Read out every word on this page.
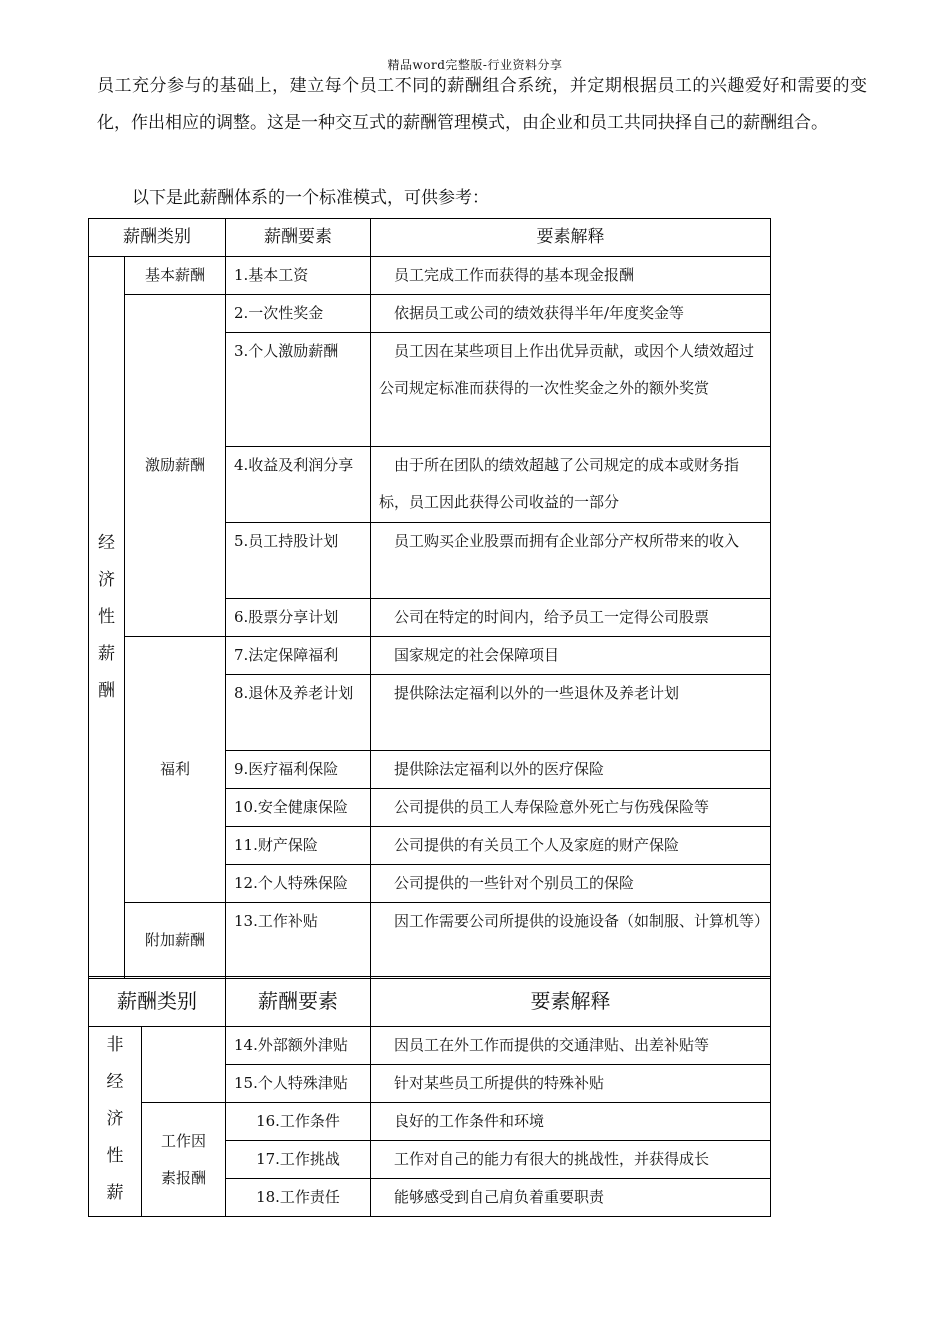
精品word完整版-行业资料分享
员工充分参与的基础上，建立每个员工不同的薪酬组合系统，并定期根据员工的兴趣爱好和需要的变化，作出相应的调整。这是一种交互式的薪酬管理模式，由企业和员工共同抉择自己的薪酬组合。
以下是此薪酬体系的一个标准模式，可供参考：
薪酬类别		薪酬要素	要素解释

经
济
性
薪
酬	基本薪酬	1.基本工资	员工完成工作而获得的基本现金报酬
	激励薪酬	2.一次性奖金	依据员工或公司的绩效获得半年/年度奖金等
		3.个人激励薪酬	员工因在某些项目上作出优异贡献，或因个人绩效超过公司规定标准而获得的一次性奖金之外的额外奖赏
		4.收益及利润分享	由于所在团队的绩效超越了公司规定的成本或财务指标，员工因此获得公司收益的一部分
		5.员工持股计划	员工购买企业股票而拥有企业部分产权所带来的收入
		6.股票分享计划	公司在特定的时间内，给予员工一定得公司股票
	福利	7.法定保障福利	国家规定的社会保障项目
		8.退休及养老计划	提供除法定福利以外的一些退休及养老计划
		9.医疗福利保险	提供除法定福利以外的医疗保险
		10.安全健康保险	公司提供的员工人寿保险意外死亡与伤残保险等
		11.财产保险	公司提供的有关员工个人及家庭的财产保险
		12.个人特殊保险	公司提供的一些针对个别员工的保险
	附加薪酬	13.工作补贴	因工作需要公司所提供的设施设备（如制服、计算机等）
薪酬类别		薪酬要素	要素解释

非
经
济
性
薪		14.外部额外津贴	因员工在外工作而提供的交通津贴、出差补贴等
		15.个人特殊津贴	针对某些员工所提供的特殊补贴
	工作因素报酬	16.工作条件	良好的工作条件和环境
		17.工作挑战	工作对自己的能力有很大的挑战性，并获得成长
		18.工作责任	能够感受到自己肩负着重要职责
